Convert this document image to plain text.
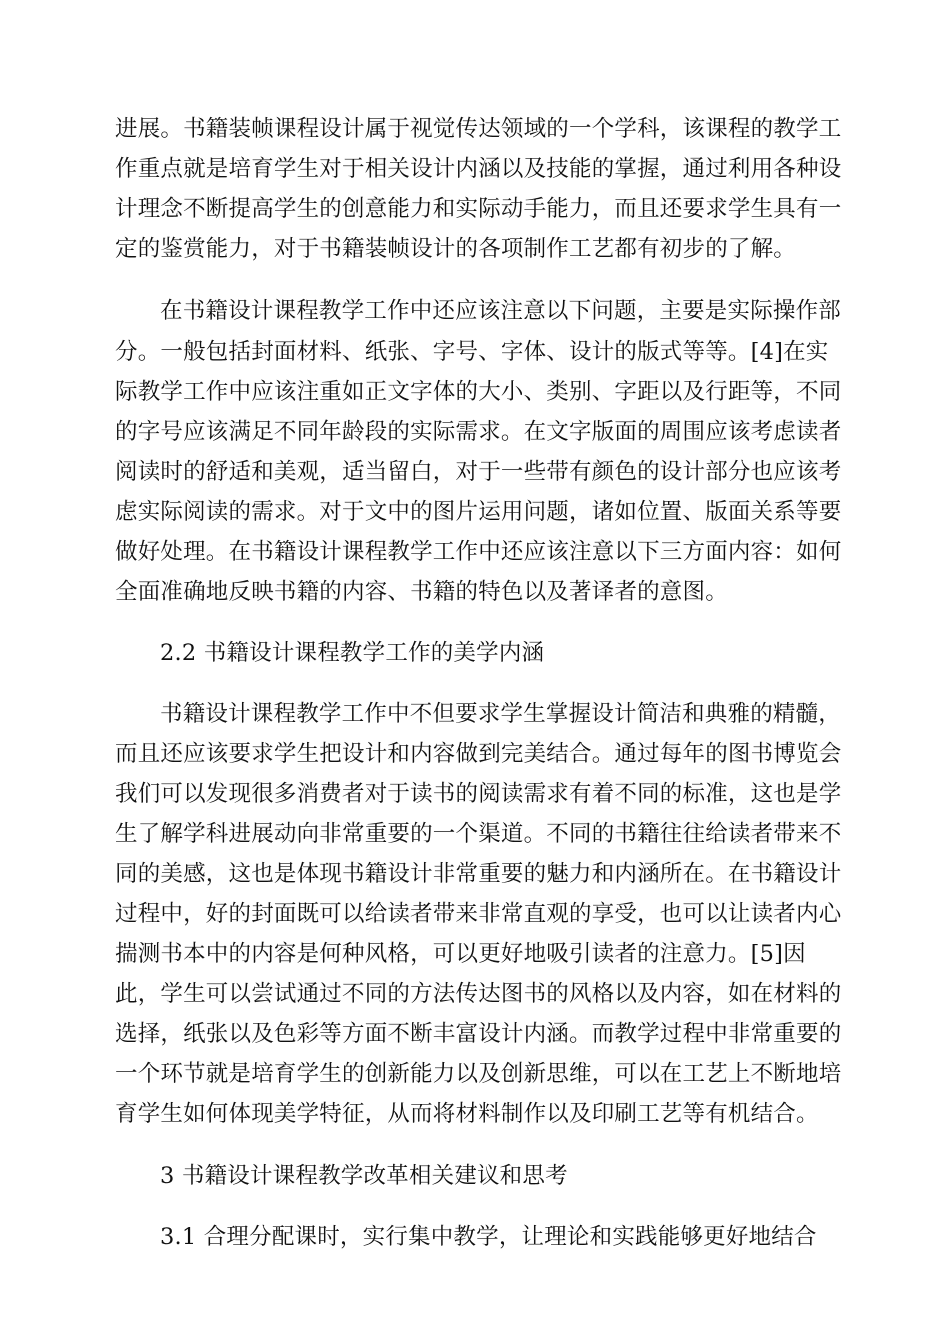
进展。书籍装帧课程设计属于视觉传达领域的一个学科，该课程的教学工
作重点就是培育学生对于相关设计内涵以及技能的掌握，通过利用各种设
计理念不断提高学生的创意能力和实际动手能力，而且还要求学生具有一
定的鉴赏能力，对于书籍装帧设计的各项制作工艺都有初步的了解。
在书籍设计课程教学工作中还应该注意以下问题，主要是实际操作部
分。一般包括封面材料、纸张、字号、字体、设计的版式等等。[4]在实
际教学工作中应该注重如正文字体的大小、类别、字距以及行距等，不同
的字号应该满足不同年龄段的实际需求。在文字版面的周围应该考虑读者
阅读时的舒适和美观，适当留白，对于一些带有颜色的设计部分也应该考
虑实际阅读的需求。对于文中的图片运用问题，诸如位置、版面关系等要
做好处理。在书籍设计课程教学工作中还应该注意以下三方面内容：如何
全面准确地反映书籍的内容、书籍的特色以及著译者的意图。
2.2 书籍设计课程教学工作的美学内涵
书籍设计课程教学工作中不但要求学生掌握设计简洁和典雅的精髓，
而且还应该要求学生把设计和内容做到完美结合。通过每年的图书博览会
我们可以发现很多消费者对于读书的阅读需求有着不同的标准，这也是学
生了解学科进展动向非常重要的一个渠道。不同的书籍往往给读者带来不
同的美感，这也是体现书籍设计非常重要的魅力和内涵所在。在书籍设计
过程中，好的封面既可以给读者带来非常直观的享受，也可以让读者内心
揣测书本中的内容是何种风格，可以更好地吸引读者的注意力。[5]因
此，学生可以尝试通过不同的方法传达图书的风格以及内容，如在材料的
选择，纸张以及色彩等方面不断丰富设计内涵。而教学过程中非常重要的
一个环节就是培育学生的创新能力以及创新思维，可以在工艺上不断地培
育学生如何体现美学特征，从而将材料制作以及印刷工艺等有机结合。
3 书籍设计课程教学改革相关建议和思考
3.1 合理分配课时，实行集中教学，让理论和实践能够更好地结合
